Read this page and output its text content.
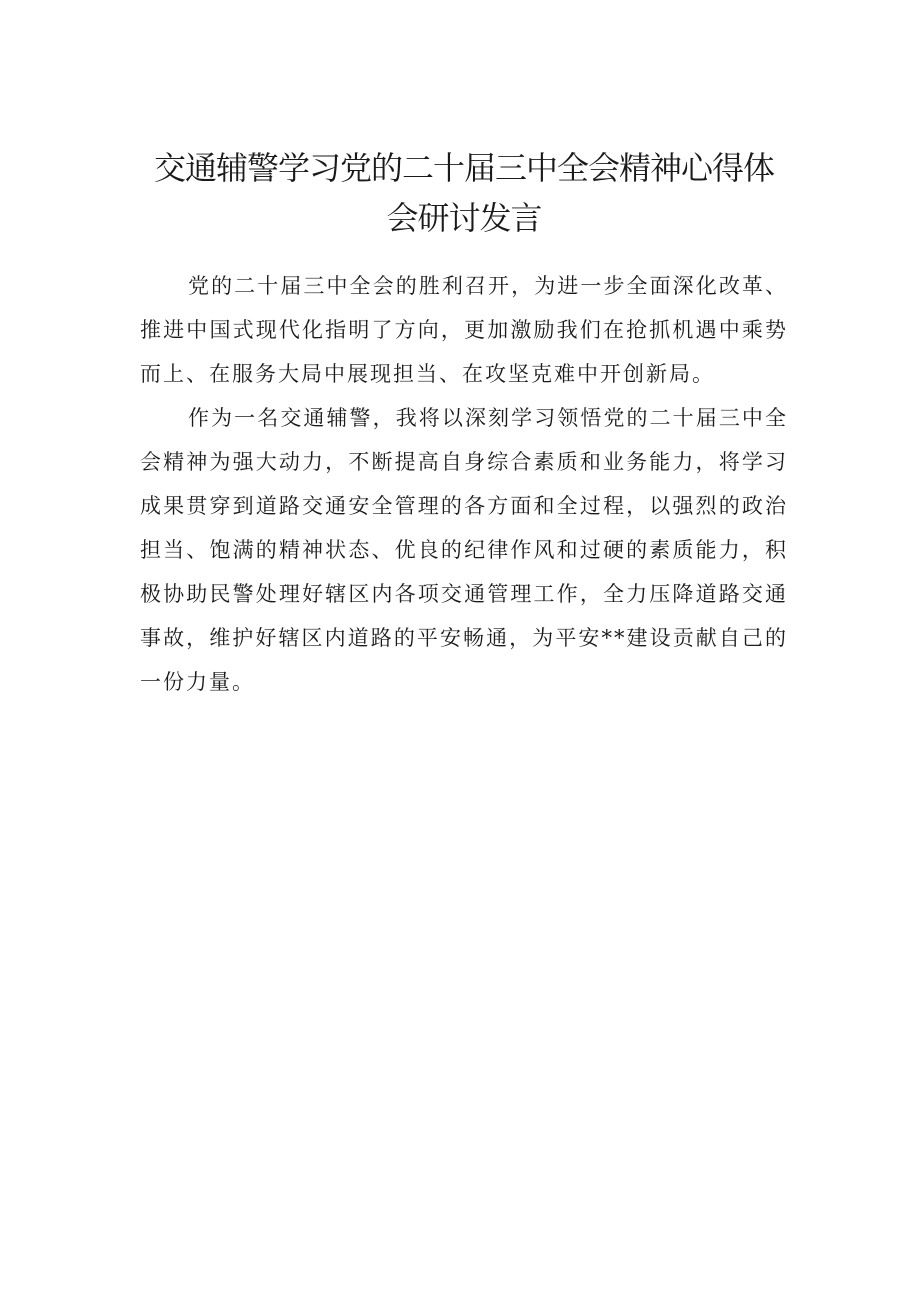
交通辅警学习党的二十届三中全会精神心得体会研讨发言

党的二十届三中全会的胜利召开，为进一步全面深化改革、推进中国式现代化指明了方向，更加激励我们在抢抓机遇中乘势而上、在服务大局中展现担当、在攻坚克难中开创新局。

作为一名交通辅警，我将以深刻学习领悟党的二十届三中全会精神为强大动力，不断提高自身综合素质和业务能力，将学习成果贯穿到道路交通安全管理的各方面和全过程，以强烈的政治担当、饱满的精神状态、优良的纪律作风和过硬的素质能力，积极协助民警处理好辖区内各项交通管理工作，全力压降道路交通事故，维护好辖区内道路的平安畅通，为平安**建设贡献自己的一份力量。
